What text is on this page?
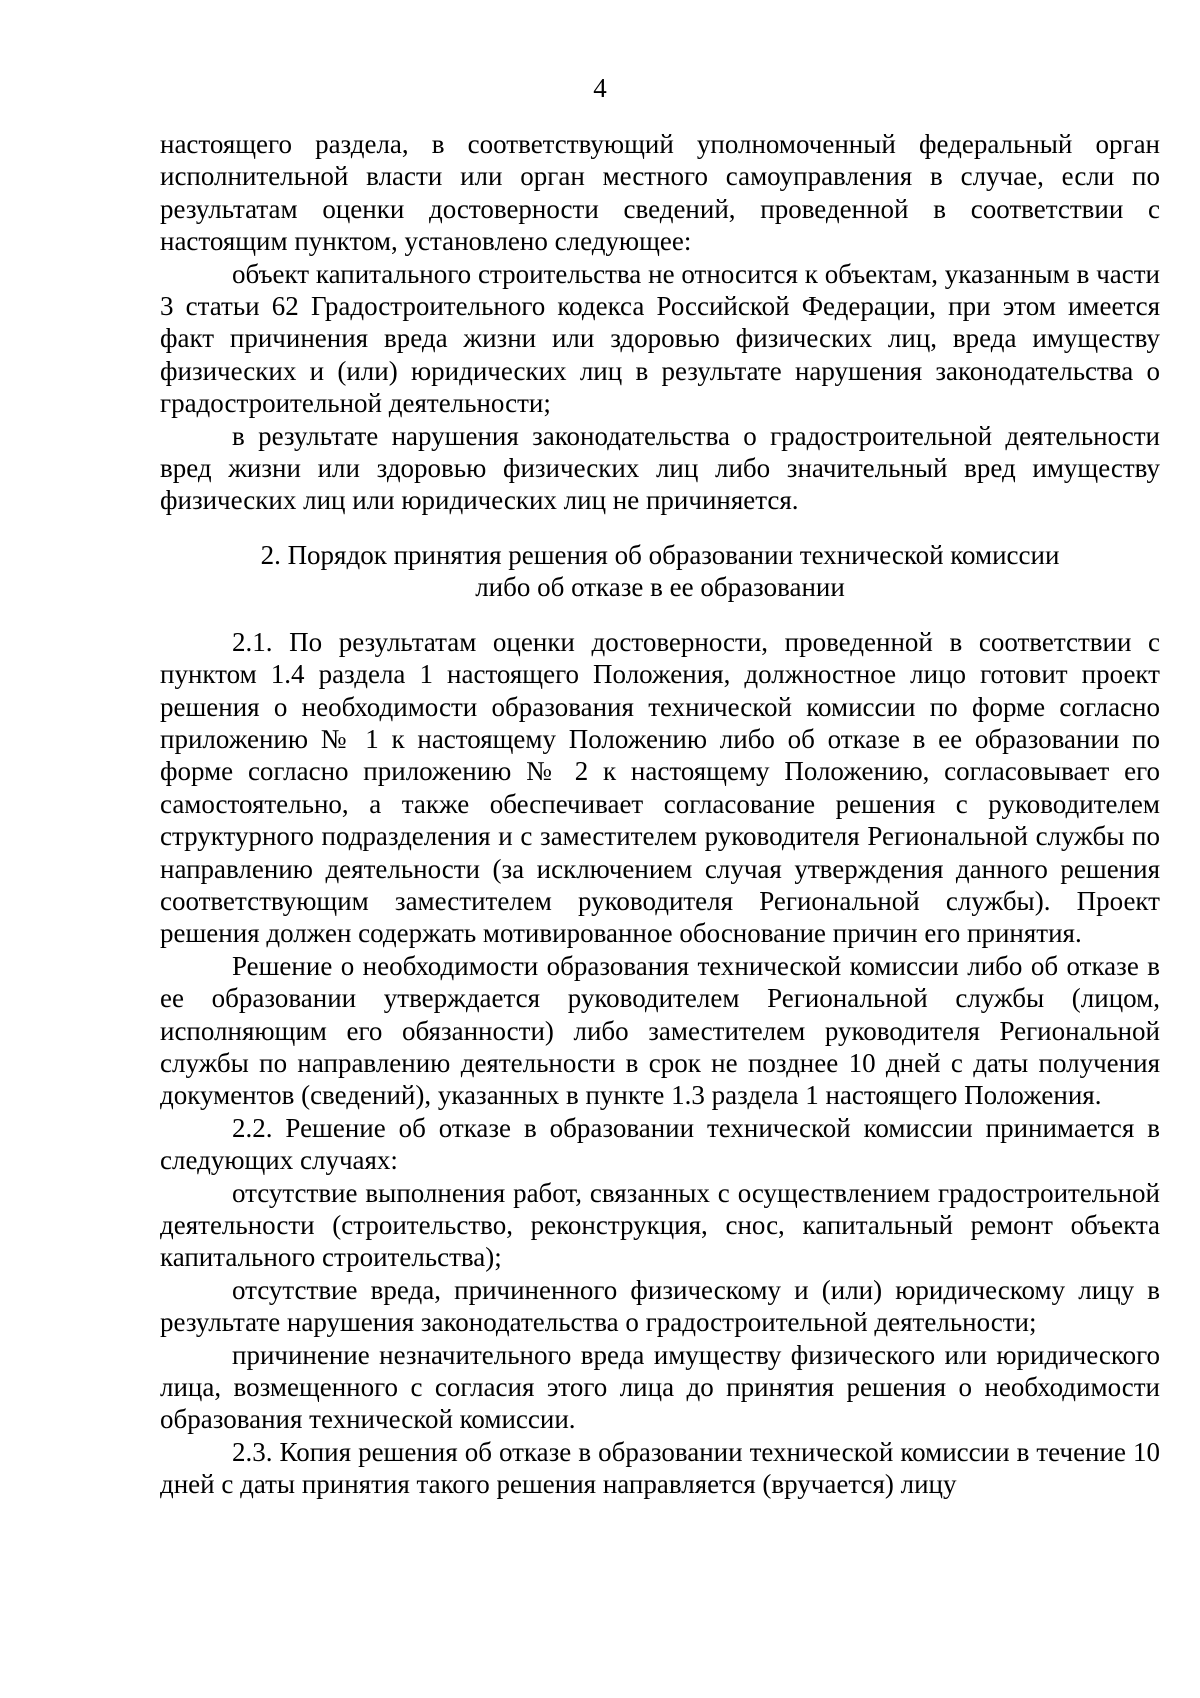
4

настоящего раздела, в соответствующий уполномоченный федеральный орган исполнительной власти или орган местного самоуправления в случае, если по результатам оценки достоверности сведений, проведенной в соответствии с настоящим пунктом, установлено следующее:

объект капитального строительства не относится к объектам, указанным в части 3 статьи 62 Градостроительного кодекса Российской Федерации, при этом имеется факт причинения вреда жизни или здоровью физических лиц, вреда имуществу физических и (или) юридических лиц в результате нарушения законодательства о градостроительной деятельности;

в результате нарушения законодательства о градостроительной деятельности вред жизни или здоровью физических лиц либо значительный вред имуществу физических лиц или юридических лиц не причиняется.

2. Порядок принятия решения об образовании технической комиссии
либо об отказе в ее образовании

2.1. По результатам оценки достоверности, проведенной в соответствии с пунктом 1.4 раздела 1 настоящего Положения, должностное лицо готовит проект решения о необходимости образования технической комиссии по форме согласно приложению № 1 к настоящему Положению либо об отказе в ее образовании по форме согласно приложению № 2 к настоящему Положению, согласовывает его самостоятельно, а также обеспечивает согласование решения с руководителем структурного подразделения и с заместителем руководителя Региональной службы по направлению деятельности (за исключением случая утверждения данного решения соответствующим заместителем руководителя Региональной службы). Проект решения должен содержать мотивированное обоснование причин его принятия.

Решение о необходимости образования технической комиссии либо об отказе в ее образовании утверждается руководителем Региональной службы (лицом, исполняющим его обязанности) либо заместителем руководителя Региональной службы по направлению деятельности в срок не позднее 10 дней с даты получения документов (сведений), указанных в пункте 1.3 раздела 1 настоящего Положения.

2.2. Решение об отказе в образовании технической комиссии принимается в следующих случаях:

отсутствие выполнения работ, связанных с осуществлением градостроительной деятельности (строительство, реконструкция, снос, капитальный ремонт объекта капитального строительства);

отсутствие вреда, причиненного физическому и (или) юридическому лицу в результате нарушения законодательства о градостроительной деятельности;

причинение незначительного вреда имуществу физического или юридического лица, возмещенного с согласия этого лица до принятия решения о необходимости образования технической комиссии.

2.3. Копия решения об отказе в образовании технической комиссии в течение 10 дней с даты принятия такого решения направляется (вручается) лицу
